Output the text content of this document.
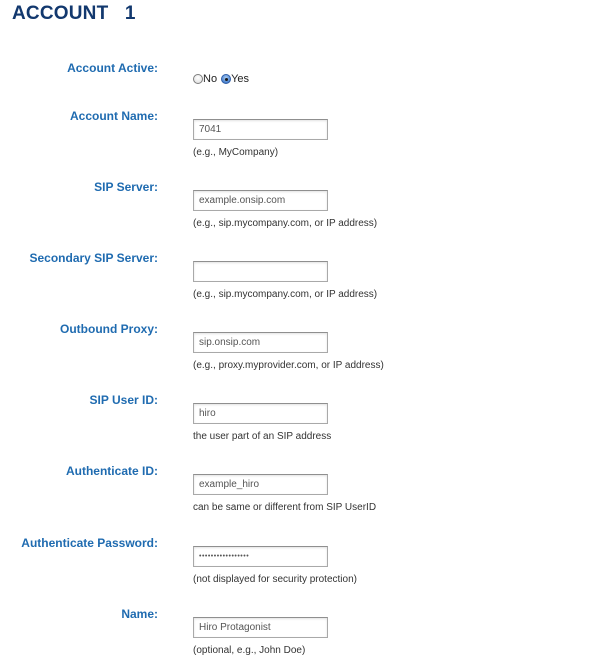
ACCOUNT   1
Account Active:
No Yes
Account Name:
7041
(e.g., MyCompany)
SIP Server:
example.onsip.com
(e.g., sip.mycompany.com, or IP address)
Secondary SIP Server:
(e.g., sip.mycompany.com, or IP address)
Outbound Proxy:
sip.onsip.com
(e.g., proxy.myprovider.com, or IP address)
SIP User ID:
hiro
the user part of an SIP address
Authenticate ID:
example_hiro
can be same or different from SIP UserID
Authenticate Password:
•••••••••••••••••
(not displayed for security protection)
Name:
Hiro Protagonist
(optional, e.g., John Doe)
